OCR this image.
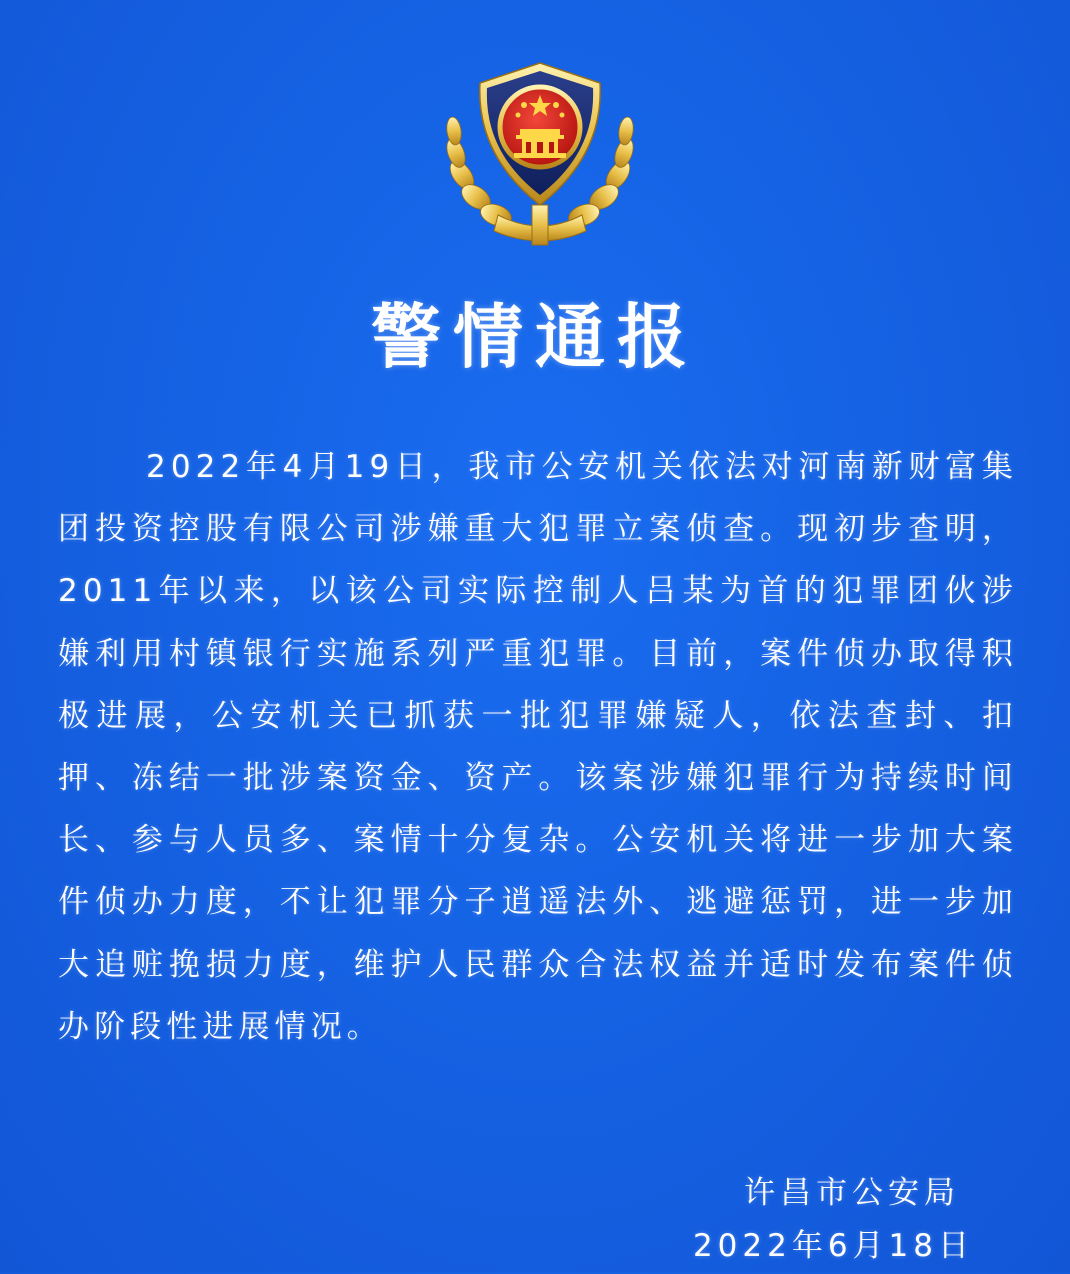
警情通报
2022年4月19日，我市公安机关依法对河南新财富集团投资控股有限公司涉嫌重大犯罪立案侦查。现初步查明，2011年以来，以该公司实际控制人吕某为首的犯罪团伙涉嫌利用村镇银行实施系列严重犯罪。目前，案件侦办取得积极进展，公安机关已抓获一批犯罪嫌疑人，依法查封、扣押、冻结一批涉案资金、资产。该案涉嫌犯罪行为持续时间长、参与人员多、案情十分复杂。公安机关将进一步加大案件侦办力度，不让犯罪分子逍遥法外、逃避惩罚，进一步加大追赃挽损力度，维护人民群众合法权益并适时发布案件侦办阶段性进展情况。
许昌市公安局
2022年6月18日
